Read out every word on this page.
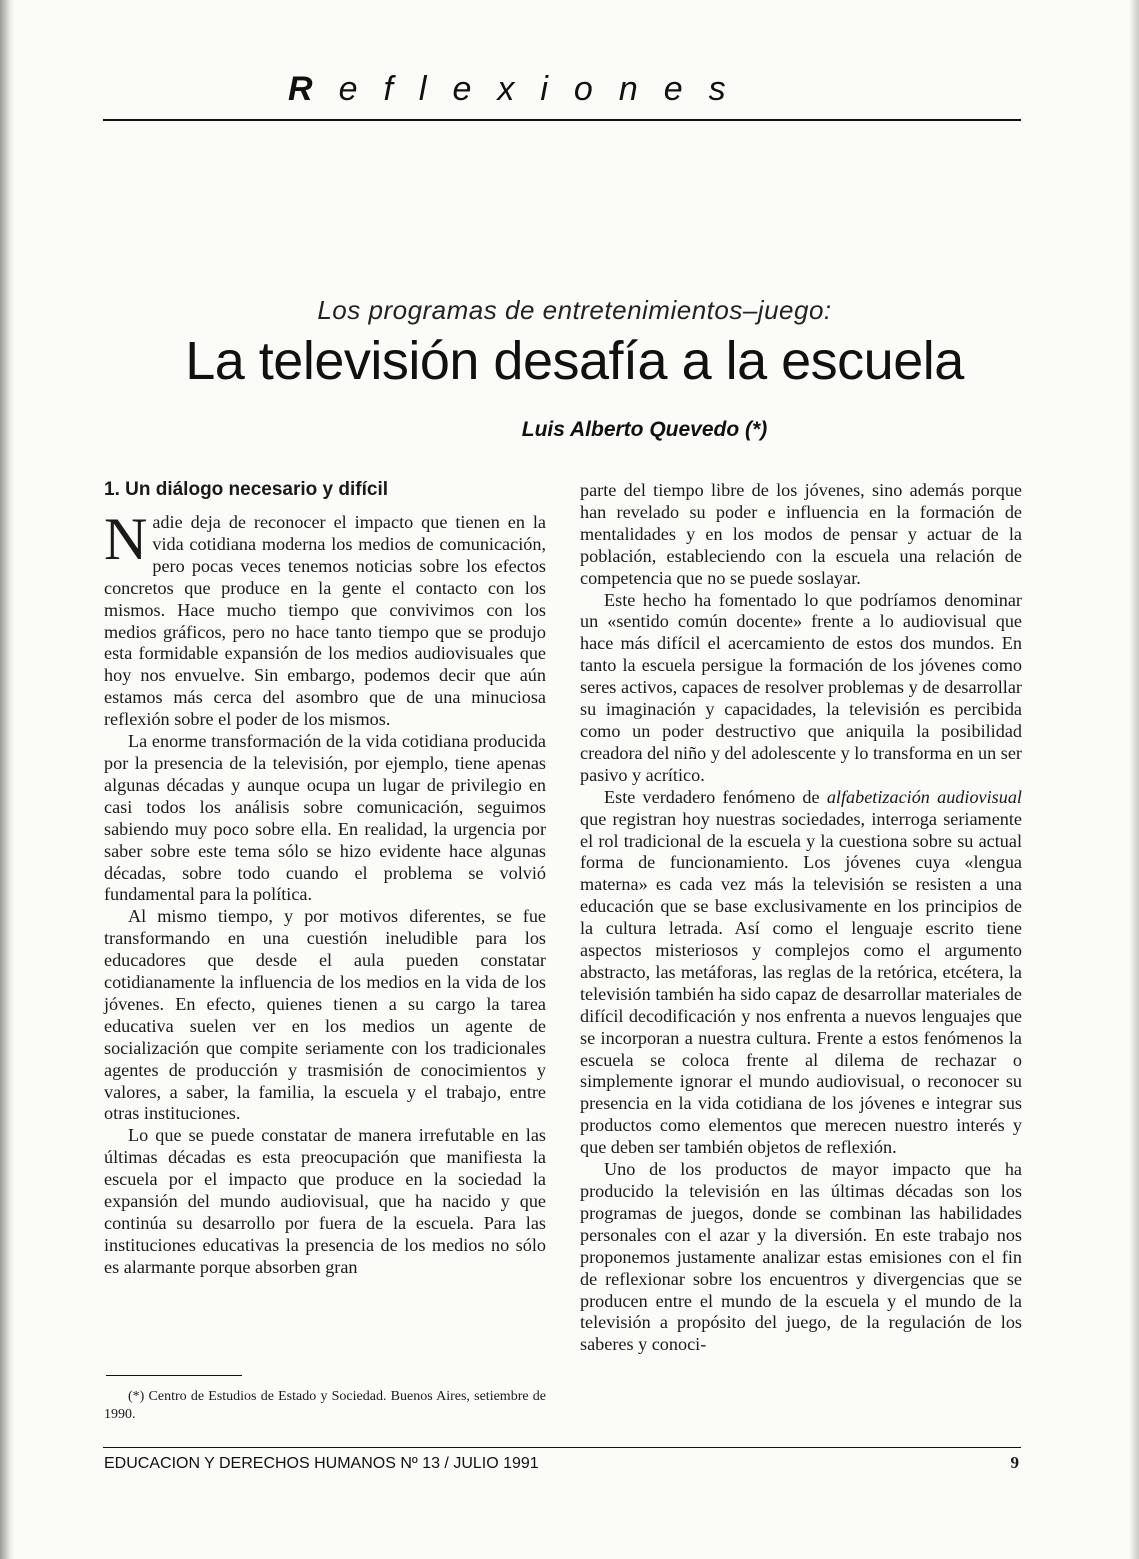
Reflexiones
Los programas de entretenimientos–juego:
La televisión desafía a la escuela
Luis Alberto Quevedo (*)
1. Un diálogo necesario y difícil

Nadie deja de reconocer el impacto que tienen en la vida cotidiana moderna los medios de comunicación, pero pocas veces tenemos noticias sobre los efectos concretos que produce en la gente el contacto con los mismos. Hace mucho tiempo que convivimos con los medios gráficos, pero no hace tanto tiempo que se produjo esta formidable expansión de los medios audiovisuales que hoy nos envuelve. Sin embargo, podemos decir que aún estamos más cerca del asombro que de una minuciosa reflexión sobre el poder de los mismos.

La enorme transformación de la vida cotidiana producida por la presencia de la televisión, por ejemplo, tiene apenas algunas décadas y aunque ocupa un lugar de privilegio en casi todos los análisis sobre comunicación, seguimos sabiendo muy poco sobre ella. En realidad, la urgencia por saber sobre este tema sólo se hizo evidente hace algunas décadas, sobre todo cuando el problema se volvió fundamental para la política.

Al mismo tiempo, y por motivos diferentes, se fue transformando en una cuestión ineludible para los educadores que desde el aula pueden constatar cotidianamente la influencia de los medios en la vida de los jóvenes. En efecto, quienes tienen a su cargo la tarea educativa suelen ver en los medios un agente de socialización que compite seriamente con los tradicionales agentes de producción y trasmisión de conocimientos y valores, a saber, la familia, la escuela y el trabajo, entre otras instituciones.

Lo que se puede constatar de manera irrefutable en las últimas décadas es esta preocupación que manifiesta la escuela por el impacto que produce en la sociedad la expansión del mundo audiovisual, que ha nacido y que continúa su desarrollo por fuera de la escuela. Para las instituciones educativas la presencia de los medios no sólo es alarmante porque absorben gran

parte del tiempo libre de los jóvenes, sino además porque han revelado su poder e influencia en la formación de mentalidades y en los modos de pensar y actuar de la población, estableciendo con la escuela una relación de competencia que no se puede soslayar.

Este hecho ha fomentado lo que podríamos denominar un «sentido común docente» frente a lo audiovisual que hace más difícil el acercamiento de estos dos mundos. En tanto la escuela persigue la formación de los jóvenes como seres activos, capaces de resolver problemas y de desarrollar su imaginación y capacidades, la televisión es percibida como un poder destructivo que aniquila la posibilidad creadora del niño y del adolescente y lo transforma en un ser pasivo y acrítico.

Este verdadero fenómeno de alfabetización audiovisual que registran hoy nuestras sociedades, interroga seriamente el rol tradicional de la escuela y la cuestiona sobre su actual forma de funcionamiento. Los jóvenes cuya «lengua materna» es cada vez más la televisión se resisten a una educación que se base exclusivamente en los principios de la cultura letrada. Así como el lenguaje escrito tiene aspectos misteriosos y complejos como el argumento abstracto, las metáforas, las reglas de la retórica, etcétera, la televisión también ha sido capaz de desarrollar materiales de difícil decodificación y nos enfrenta a nuevos lenguajes que se incorporan a nuestra cultura. Frente a estos fenómenos la escuela se coloca frente al dilema de rechazar o simplemente ignorar el mundo audiovisual, o reconocer su presencia en la vida cotidiana de los jóvenes e integrar sus productos como elementos que merecen nuestro interés y que deben ser también objetos de reflexión.

Uno de los productos de mayor impacto que ha producido la televisión en las últimas décadas son los programas de juegos, donde se combinan las habilidades personales con el azar y la diversión. En este trabajo nos proponemos justamente analizar estas emisiones con el fin de reflexionar sobre los encuentros y divergencias que se producen entre el mundo de la escuela y el mundo de la televisión a propósito del juego, de la regulación de los saberes y conoci-

(*) Centro de Estudios de Estado y Sociedad. Buenos Aires, setiembre de 1990.
EDUCACION Y DERECHOS HUMANOS Nº 13 / JULIO 1991	9
